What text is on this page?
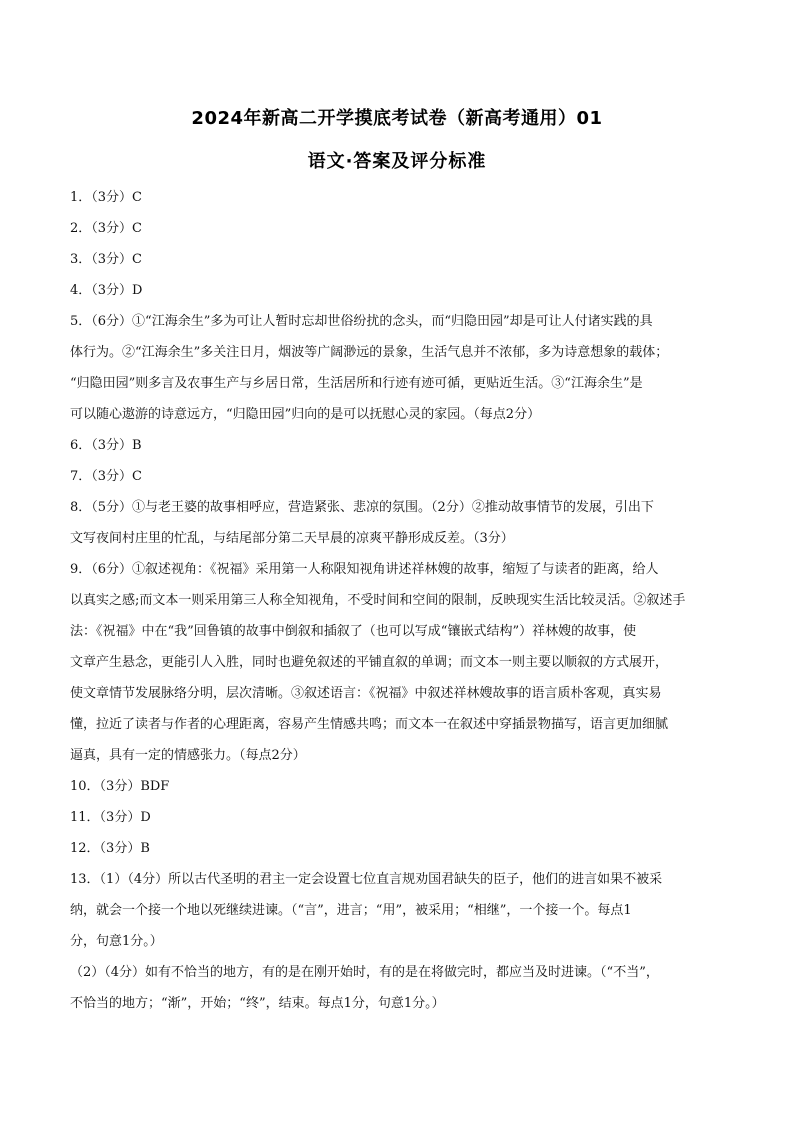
2024年新高二开学摸底考试卷（新高考通用）01
语文·答案及评分标准
1．（3分）C
2．（3分）C
3．（3分）C
4．（3分）D
5．（6分）①“江海余生”多为可让人暂时忘却世俗纷扰的念头，而“归隐田园”却是可让人付诸实践的具
体行为。②“江海余生”多关注日月，烟波等广阔渺远的景象，生活气息并不浓郁，多为诗意想象的载体；
“归隐田园”则多言及农事生产与乡居日常，生活居所和行迹有迹可循，更贴近生活。③“江海余生”是
可以随心遨游的诗意远方，“归隐田园”归向的是可以抚慰心灵的家园。（每点2分）
6．（3分）B
7．（3分）C
8．（5分）①与老王婆的故事相呼应，营造紧张、悲凉的氛围。（2分）②推动故事情节的发展，引出下
文写夜间村庄里的忙乱，与结尾部分第二天早晨的凉爽平静形成反差。（3分）
9．（6分）①叙述视角：《祝福》采用第一人称限知视角讲述祥林嫂的故事，缩短了与读者的距离，给人
以真实之感;而文本一则采用第三人称全知视角，不受时间和空间的限制，反映现实生活比较灵活。②叙述手
法：《祝福》中在“我”回鲁镇的故事中倒叙和插叙了（也可以写成“镶嵌式结构”）祥林嫂的故事，使
文章产生悬念，更能引人入胜，同时也避免叙述的平铺直叙的单调；而文本一则主要以顺叙的方式展开，
使文章情节发展脉络分明，层次清晰。③叙述语言：《祝福》中叙述祥林嫂故事的语言质朴客观，真实易
懂，拉近了读者与作者的心理距离，容易产生情感共鸣；而文本一在叙述中穿插景物描写，语言更加细腻
逼真，具有一定的情感张力。（每点2分）
10．（3分）BDF
11．（3分）D
12．（3分）B
13．（1）（4分）所以古代圣明的君主一定会设置七位直言规劝国君缺失的臣子，他们的进言如果不被采
纳，就会一个接一个地以死继续进谏。（“言”，进言；“用”，被采用；“相继”，一个接一个。每点1
分，句意1分。）
（2）（4分）如有不恰当的地方，有的是在刚开始时，有的是在将做完时，都应当及时进谏。（“不当”，
不恰当的地方；“渐”，开始；“终”，结束。每点1分，句意1分。）
